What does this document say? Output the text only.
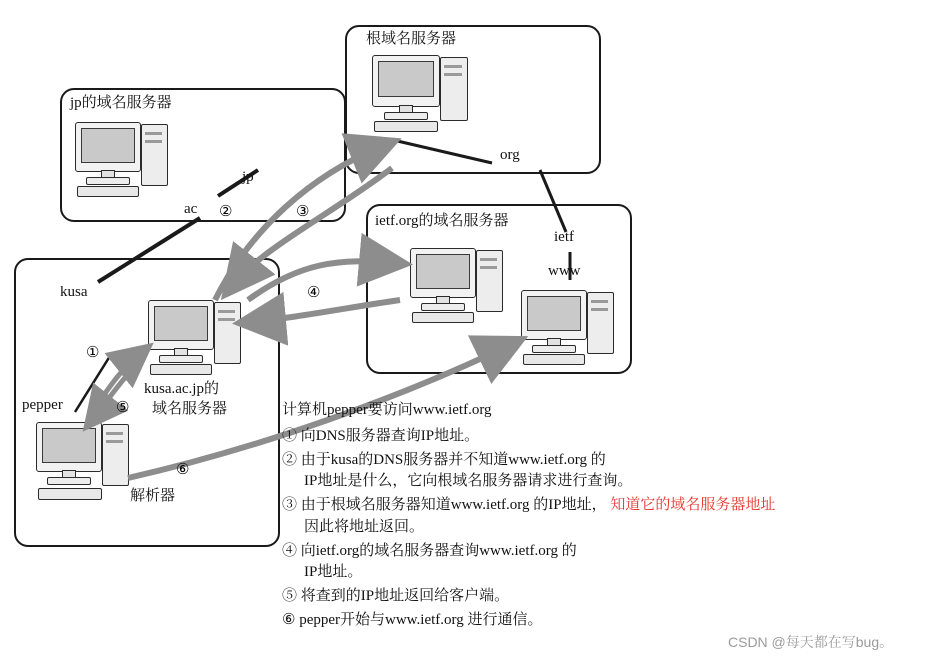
根域名服务器
jp的域名服务器
ietf.org的域名服务器
jp
ac
org
ietf
www
kusa
pepper
kusa.ac.jp的
域名服务器
解析器
②	③
④
①
⑤
⑥
计算机pepper要访问www.ietf.org
① 向DNS服务器查询IP地址。
② 由于kusa的DNS服务器并不知道www.ietf.org 的
IP地址是什么，它向根域名服务器请求进行查询。
③ 由于根域名服务器知道www.ietf.org 的IP地址， 知道它的域名服务器地址
因此将地址返回。
④ 向ietf.org的域名服务器查询www.ietf.org 的
IP地址。
⑤ 将查到的IP地址返回给客户端。
⑥ pepper开始与www.ietf.org 进行通信。
CSDN @每天都在写bug。
